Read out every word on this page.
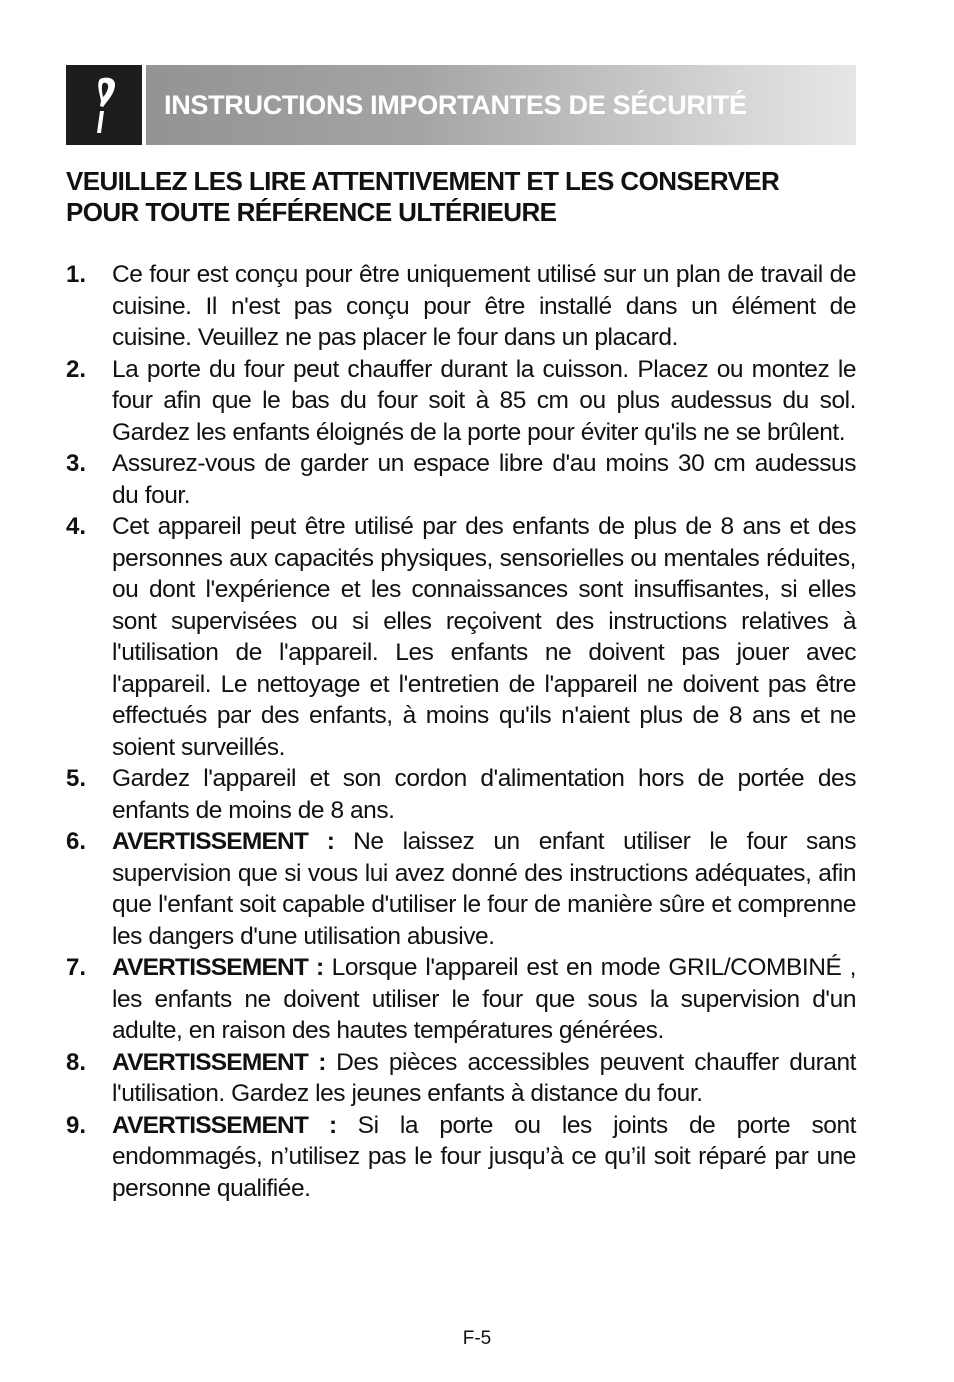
INSTRUCTIONS IMPORTANTES DE SÉCURITÉ
VEUILLEZ LES LIRE ATTENTIVEMENT ET LES CONSERVER
POUR TOUTE RÉFÉRENCE ULTÉRIEURE
1.	Ce four est conçu pour être uniquement utilisé sur un plan de travail de cuisine. Il n'est pas conçu pour être installé dans un élément de cuisine. Veuillez ne pas placer le four dans un placard.
2.	La porte du four peut chauffer durant la cuisson. Placez ou montez le four afin que le bas du four soit à 85 cm ou plus audessus du sol. Gardez les enfants éloignés de la porte pour éviter qu'ils ne se brûlent.
3.	Assurez-vous de garder un espace libre d'au moins 30 cm audessus du four.
4.	Cet appareil peut être utilisé par des enfants de plus de 8 ans et des personnes aux capacités physiques, sensorielles ou mentales réduites, ou dont l'expérience et les connaissances sont insuffisantes, si elles sont supervisées ou si elles reçoivent des instructions relatives à l'utilisation de l'appareil. Les enfants ne doivent pas jouer avec l'appareil. Le nettoyage et l'entretien de l'appareil ne doivent pas être effectués par des enfants, à moins qu'ils n'aient plus de 8 ans et ne soient surveillés.
5.	Gardez l'appareil et son cordon d'alimentation hors de portée des enfants de moins de 8 ans.
6.	AVERTISSEMENT : Ne laissez un enfant utiliser le four sans supervision que si vous lui avez donné des instructions adéquates, afin que l'enfant soit capable d'utiliser le four de manière sûre et comprenne les dangers d'une utilisation abusive.
7.	AVERTISSEMENT : Lorsque l'appareil est en mode GRIL/COMBINÉ , les enfants ne doivent utiliser le four que sous la supervision d'un adulte, en raison des hautes températures générées.
8.	AVERTISSEMENT : Des pièces accessibles peuvent chauffer durant l'utilisation. Gardez les jeunes enfants à distance du four.
9.	AVERTISSEMENT : Si la porte ou les joints de porte sont endommagés, n’utilisez pas le four jusqu’à ce qu’il soit réparé par une personne qualifiée.
F-5
